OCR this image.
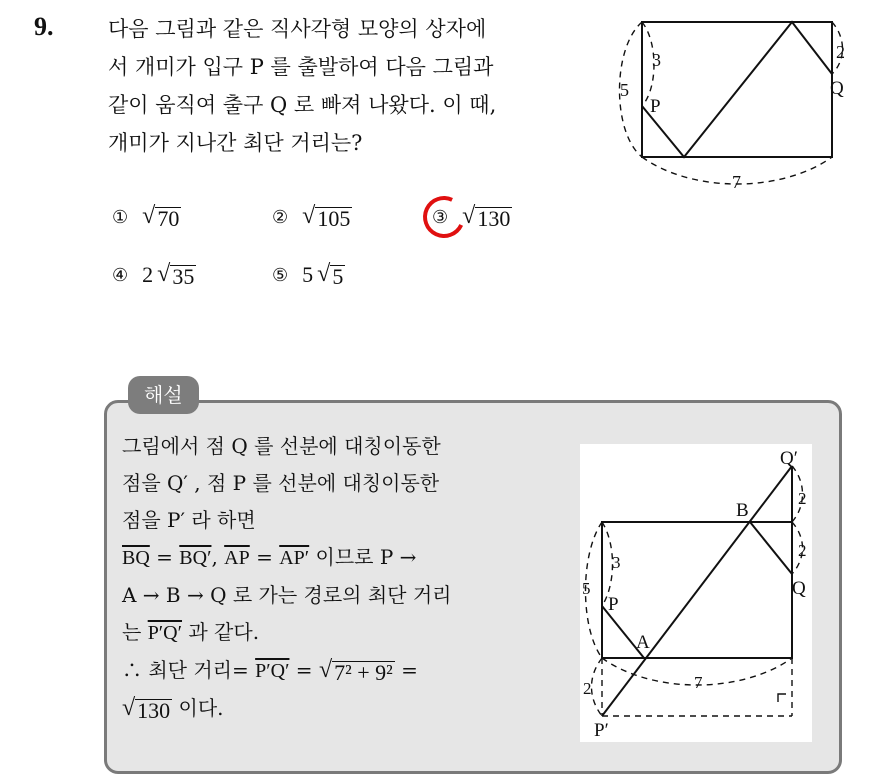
9.	다음 그림과 같은 직사각형 모양의 상자에
서 개미가 입구 P 를 출발하여 다음 그림과
같이 움직여 출구 Q 로 빠져 나왔다. 이 때,
개미가 지나간 최단 거리는?
5
3
P
2
Q
7
① √ 70	② √ 105	③ √ 130
④ 2 √ 35	⑤ 5 √ 5
해설
그림에서 점 Q 를 선분에 대칭이동한
점을 Q′ , 점 P 를 선분에 대칭이동한
점을 P′ 라 하면
$\overline{BQ} = BQ'$, $\overline{AP} = AP'$ 이므로 P →
A → B → Q 로 가는 경로의 최단 거리
는 P′Q′ 과 같다.
∴ 최단 거리= P′Q′ = √ 7² + 9² =
√ 130 이다.
Q′
B
2
2
Q
3
5
P
A
7
2
P′
